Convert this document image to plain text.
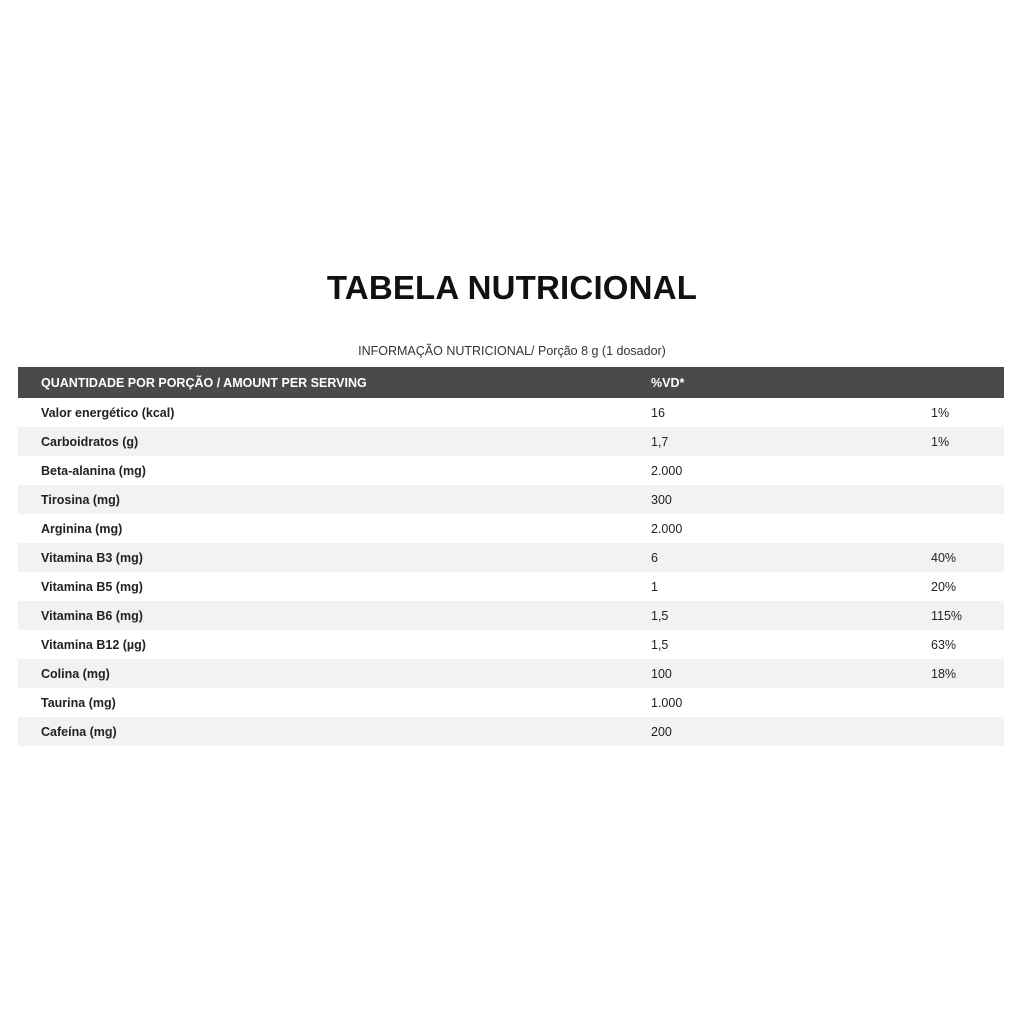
TABELA NUTRICIONAL
INFORMAÇÃO NUTRICIONAL/ Porção 8 g (1 dosador)
QUANTIDADE POR PORÇÃO / AMOUNT PER SERVING	%VD*	
Valor energético (kcal)	16	1%
Carboidratos (g)	1,7	1%
Beta-alanina (mg)	2.000	
Tirosina (mg)	300	
Arginina (mg)	2.000	
Vitamina B3 (mg)	6	40%
Vitamina B5 (mg)	1	20%
Vitamina B6 (mg)	1,5	115%
Vitamina B12 (µg)	1,5	63%
Colina (mg)	100	18%
Taurina (mg)	1.000	
Cafeína (mg)	200	
